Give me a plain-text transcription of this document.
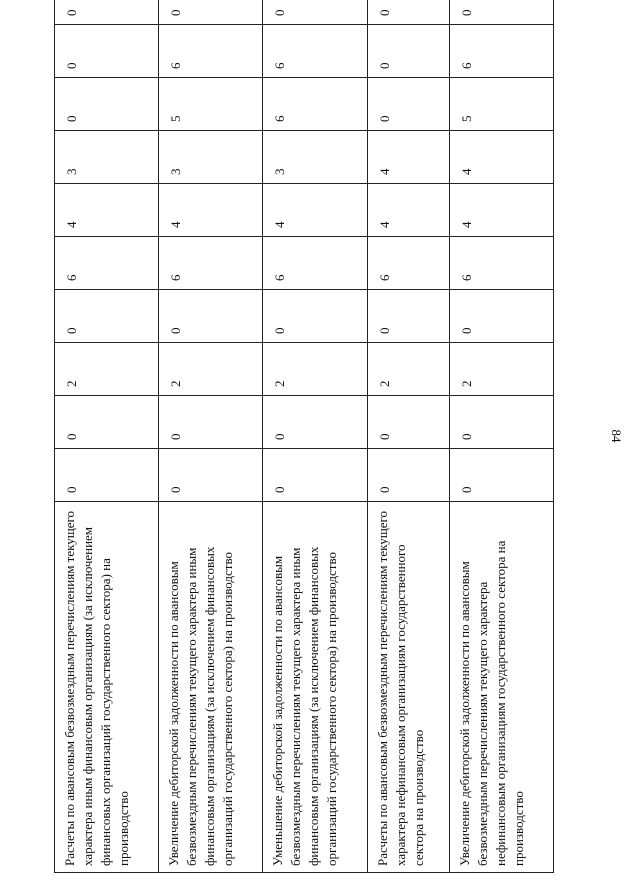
84
Расчеты по авансовым безвозмездным перечислениям текущего характера иным финансовым организациям (за исключением финансовых организаций государственного сектора) на производство	0	0	2	0	6	4	3	0	0	0
Увеличение дебиторской задолженности по авансовым безвозмездным перечислениям текущего характера иным финансовым организациям (за исключением финансовых организаций государственного сектора) на производство	0	0	2	0	6	4	3	5	6	0
Уменьшение дебиторской задолженности по авансовым безвозмездным перечислениям текущего характера иным финансовым организациям (за исключением финансовых организаций государственного сектора) на производство	0	0	2	0	6	4	3	6	6	0
Расчеты по авансовым безвозмездным перечислениям текущего характера нефинансовым организациям государственного сектора на производство	0	0	2	0	6	4	4	0	0	0
Увеличение дебиторской задолженности по авансовым безвозмездным перечислениям текущего характера нефинансовым организациям государственного сектора на производство	0	0	2	0	6	4	4	5	6	0
